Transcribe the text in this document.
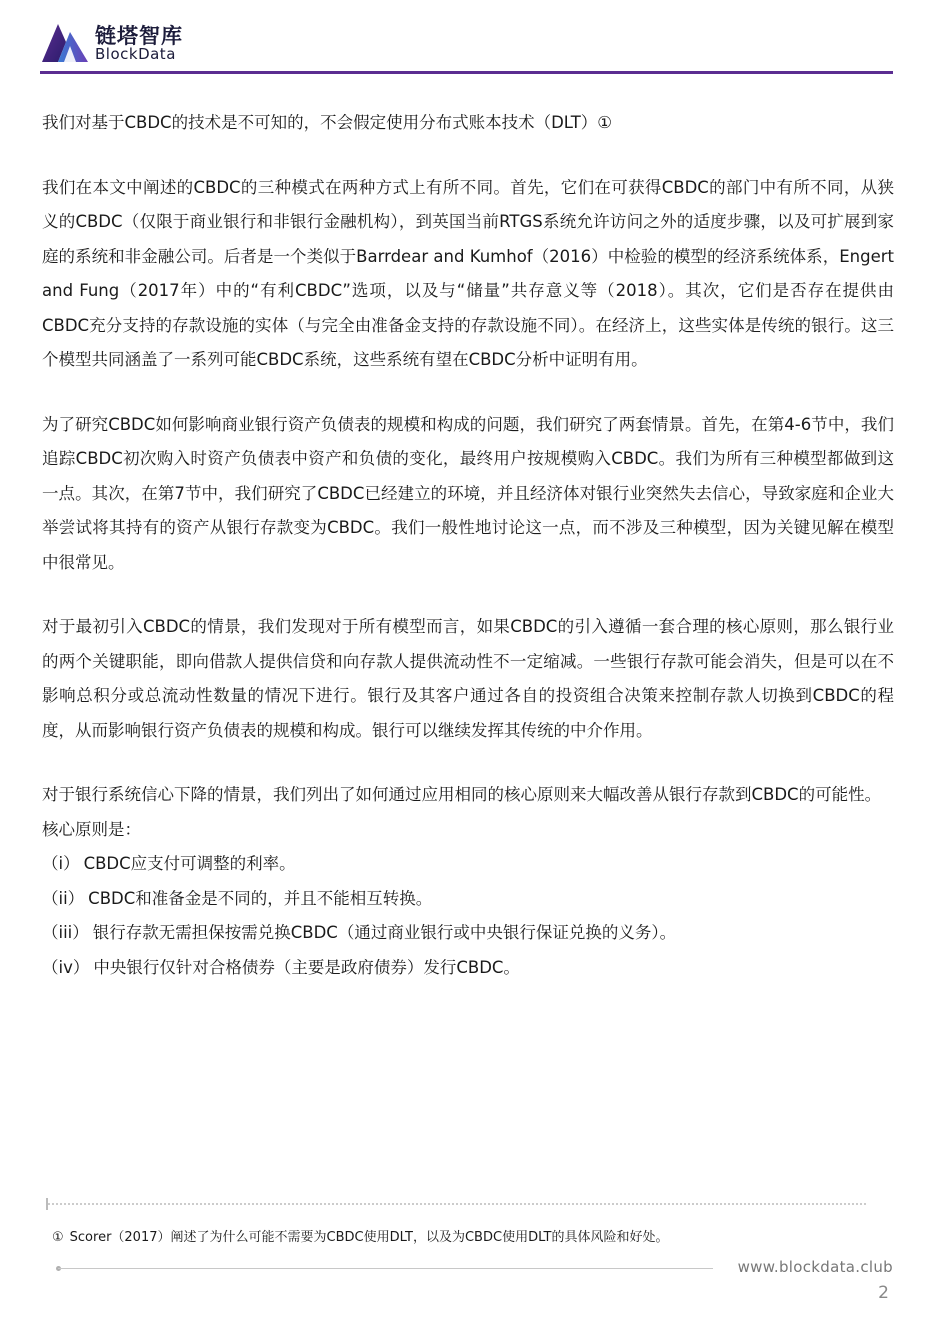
链塔智库
BlockData

我们对基于CBDC的技术是不可知的，不会假定使用分布式账本技术（DLT）①

我们在本文中阐述的CBDC的三种模式在两种方式上有所不同。首先，它们在可获得CBDC的部门中有所不同，从狭义的CBDC（仅限于商业银行和非银行金融机构），到英国当前RTGS系统允许访问之外的适度步骤，以及可扩展到家庭的系统和非金融公司。后者是一个类似于Barrdear and Kumhof（2016）中检验的模型的经济系统体系，Engert and Fung（2017年）中的“有利CBDC”选项，以及与“储量”共存意义等（2018）。其次，它们是否存在提供由CBDC充分支持的存款设施的实体（与完全由准备金支持的存款设施不同）。在经济上，这些实体是传统的银行。这三个模型共同涵盖了一系列可能CBDC系统，这些系统有望在CBDC分析中证明有用。

为了研究CBDC如何影响商业银行资产负债表的规模和构成的问题，我们研究了两套情景。首先，在第4-6节中，我们追踪CBDC初次购入时资产负债表中资产和负债的变化，最终用户按规模购入CBDC。我们为所有三种模型都做到这一点。其次，在第7节中，我们研究了CBDC已经建立的环境，并且经济体对银行业突然失去信心，导致家庭和企业大举尝试将其持有的资产从银行存款变为CBDC。我们一般性地讨论这一点，而不涉及三种模型，因为关键见解在模型中很常见。

对于最初引入CBDC的情景，我们发现对于所有模型而言，如果CBDC的引入遵循一套合理的核心原则，那么银行业的两个关键职能，即向借款人提供信贷和向存款人提供流动性不一定缩减。一些银行存款可能会消失，但是可以在不影响总积分或总流动性数量的情况下进行。银行及其客户通过各自的投资组合决策来控制存款人切换到CBDC的程度，从而影响银行资产负债表的规模和构成。银行可以继续发挥其传统的中介作用。

对于银行系统信心下降的情景，我们列出了如何通过应用相同的核心原则来大幅改善从银行存款到CBDC的可能性。

核心原则是：

（i） CBDC应支付可调整的利率。
（ii） CBDC和准备金是不同的，并且不能相互转换。
（iii） 银行存款无需担保按需兑换CBDC（通过商业银行或中央银行保证兑换的义务）。
（iv） 中央银行仅针对合格债券（主要是政府债券）发行CBDC。
① Scorer（2017）阐述了为什么可能不需要为CBDC使用DLT，以及为CBDC使用DLT的具体风险和好处。
www.blockdata.club
2
